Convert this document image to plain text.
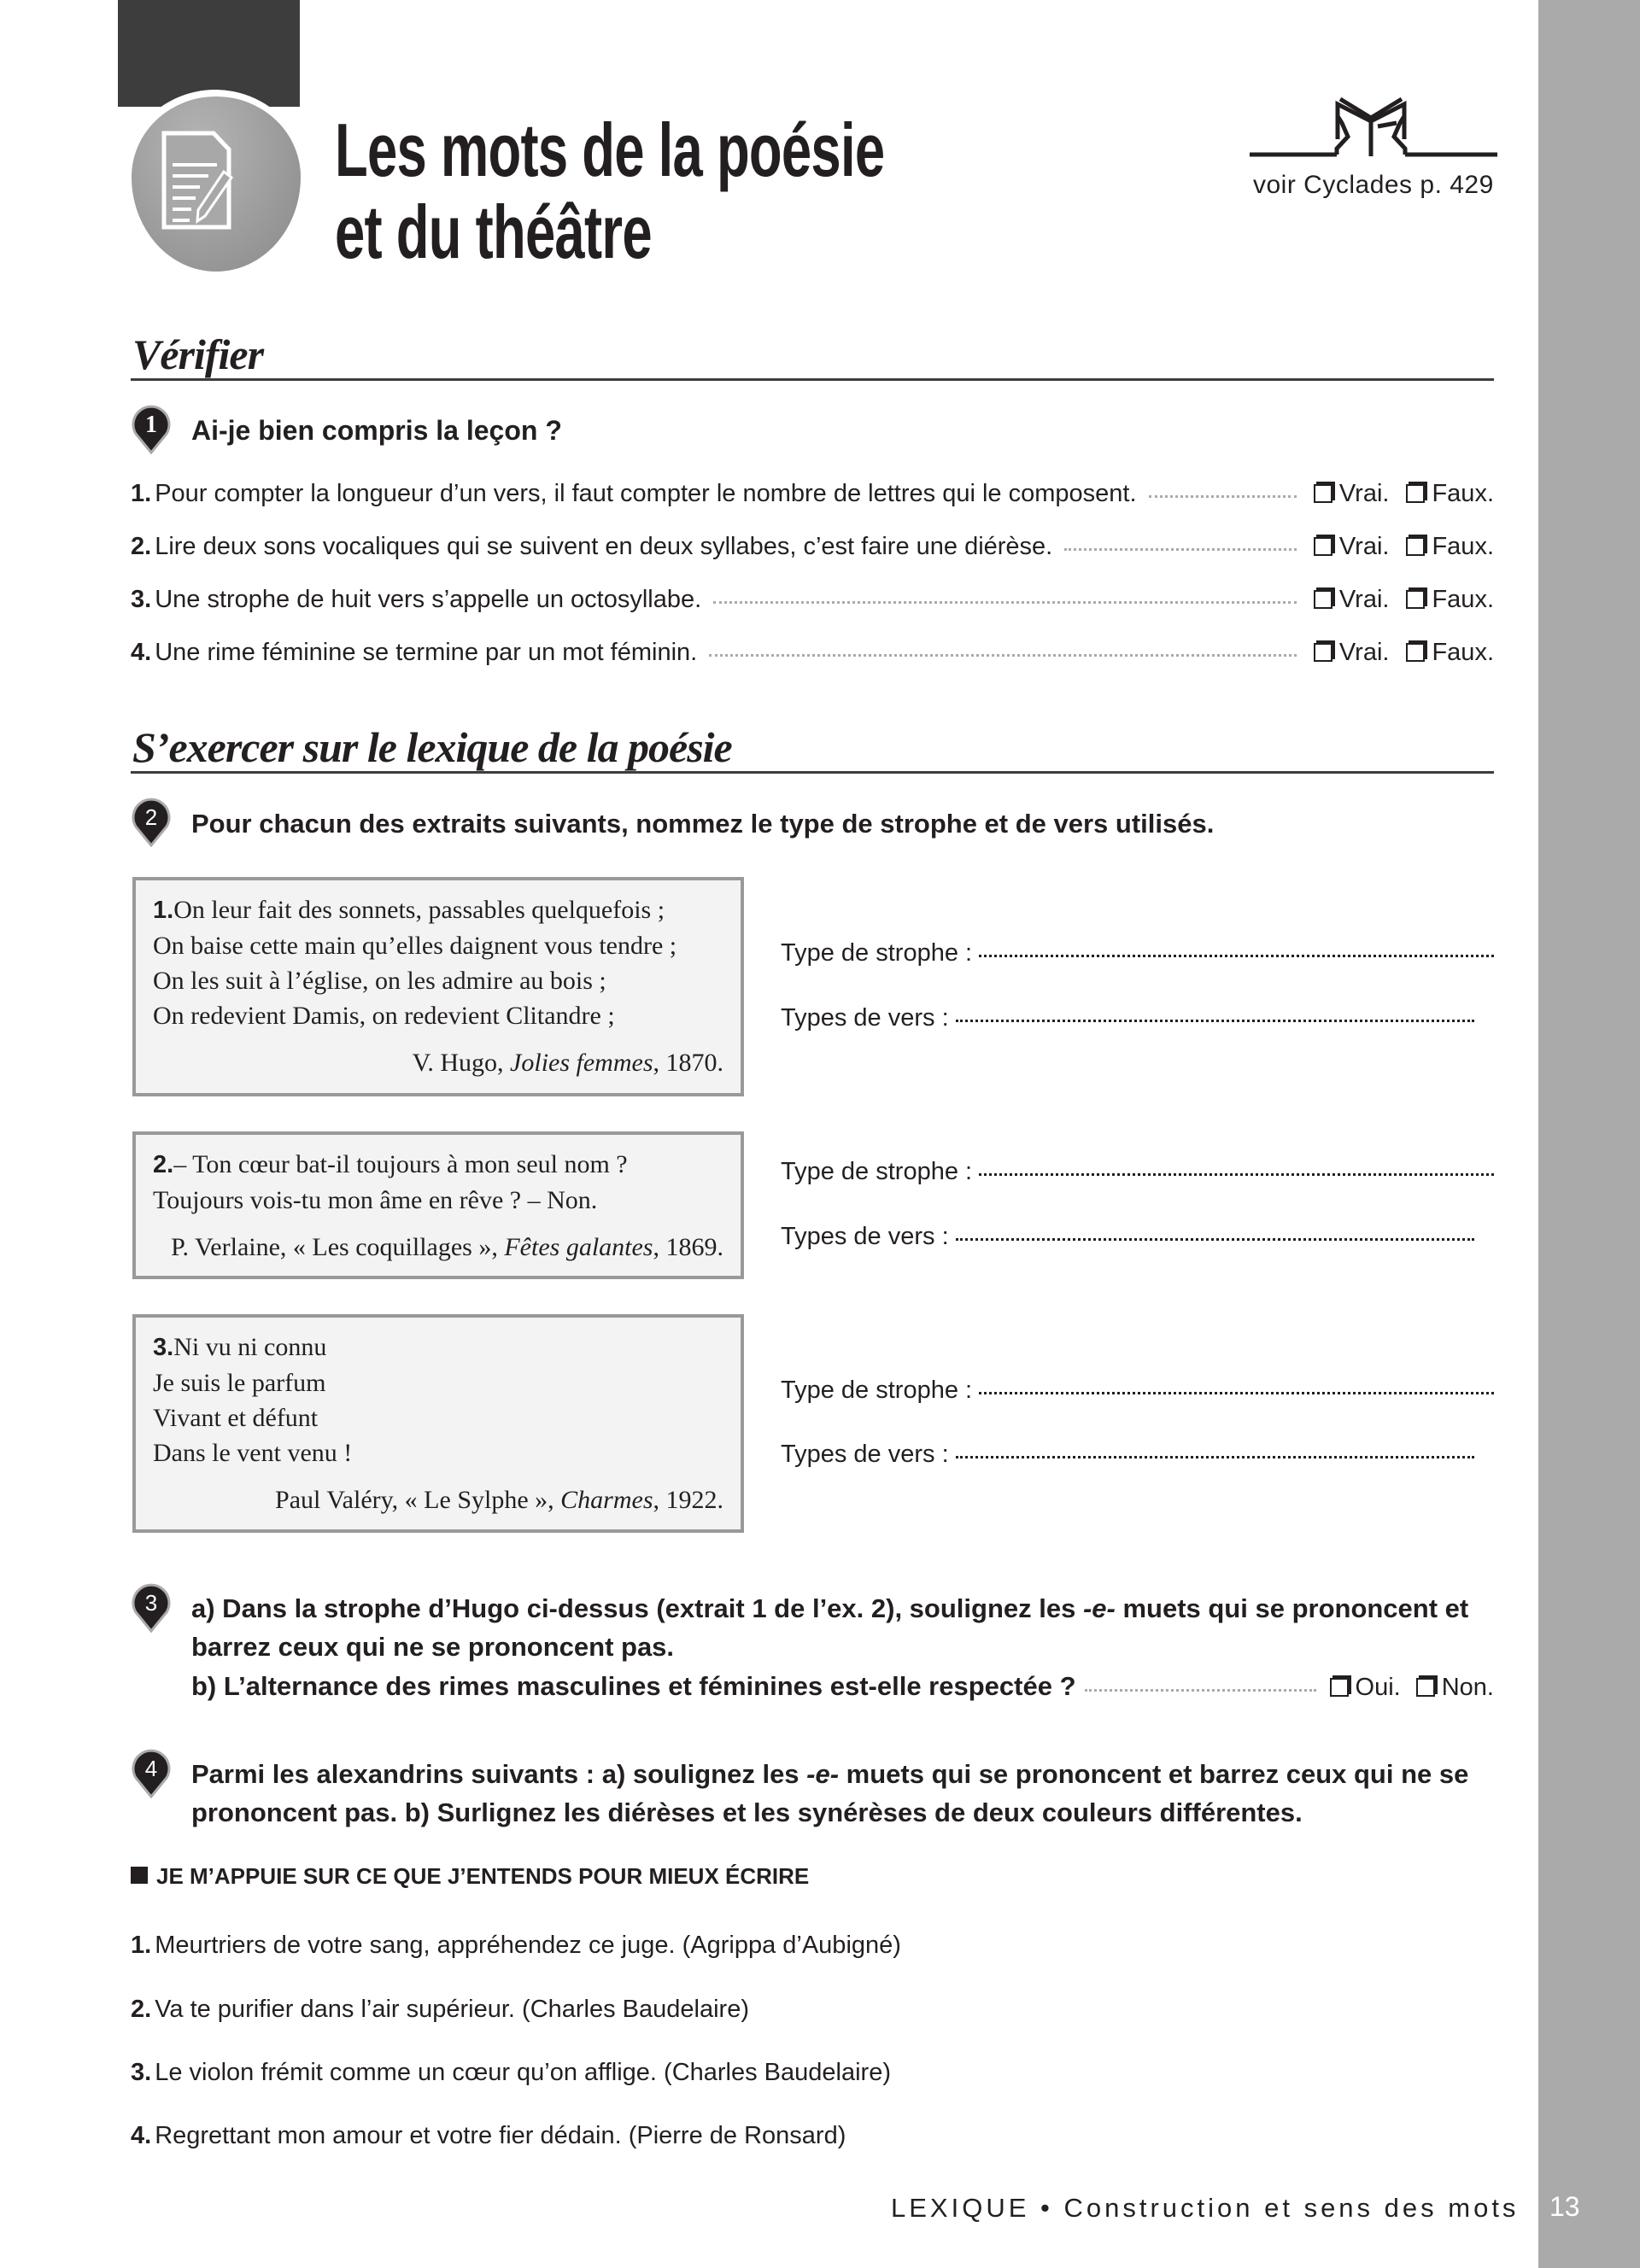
Les mots de la poésie
et du théâtre
voir Cyclades p. 429
Vérifier
1 Ai-je bien compris la leçon ?
1. Pour compter la longueur d’un vers, il faut compter le nombre de lettres qui le composent.	Vrai. Faux.
2. Lire deux sons vocaliques qui se suivent en deux syllabes, c’est faire une diérèse.	Vrai. Faux.
3. Une strophe de huit vers s’appelle un octosyllabe.	Vrai. Faux.
4. Une rime féminine se termine par un mot féminin.	Vrai. Faux.
S’exercer sur le lexique de la poésie
2 Pour chacun des extraits suivants, nommez le type de strophe et de vers utilisés.
1.On leur fait des sonnets, passables quelquefois ;
On baise cette main qu’elles daignent vous tendre ;
On les suit à l’église, on les admire au bois ;
On redevient Damis, on redevient Clitandre ;
V. Hugo, Jolies femmes, 1870.
Type de strophe :
Types de vers :
2.– Ton cœur bat-il toujours à mon seul nom ?
Toujours vois-tu mon âme en rêve ? – Non.
P. Verlaine, « Les coquillages », Fêtes galantes, 1869.
Type de strophe :
Types de vers :
3.Ni vu ni connu
Je suis le parfum
Vivant et défunt
Dans le vent venu !
Paul Valéry, « Le Sylphe », Charmes, 1922.
Type de strophe :
Types de vers :
3 a) Dans la strophe d’Hugo ci-dessus (extrait 1 de l’ex. 2), soulignez les -e- muets qui se prononcent et barrez ceux qui ne se prononcent pas.
b) L’alternance des rimes masculines et féminines est-elle respectée ?	Oui. Non.
4 Parmi les alexandrins suivants : a) soulignez les -e- muets qui se prononcent et barrez ceux qui ne se prononcent pas. b) Surlignez les diérèses et les synérèses de deux couleurs différentes.
JE M’APPUIE SUR CE QUE J’ENTENDS POUR MIEUX ÉCRIRE
1. Meurtriers de votre sang, appréhendez ce juge. (Agrippa d’Aubigné)
2. Va te purifier dans l’air supérieur. (Charles Baudelaire)
3. Le violon frémit comme un cœur qu’on afflige. (Charles Baudelaire)
4. Regrettant mon amour et votre fier dédain. (Pierre de Ronsard)
LEXIQUE • Construction et sens des mots 13
